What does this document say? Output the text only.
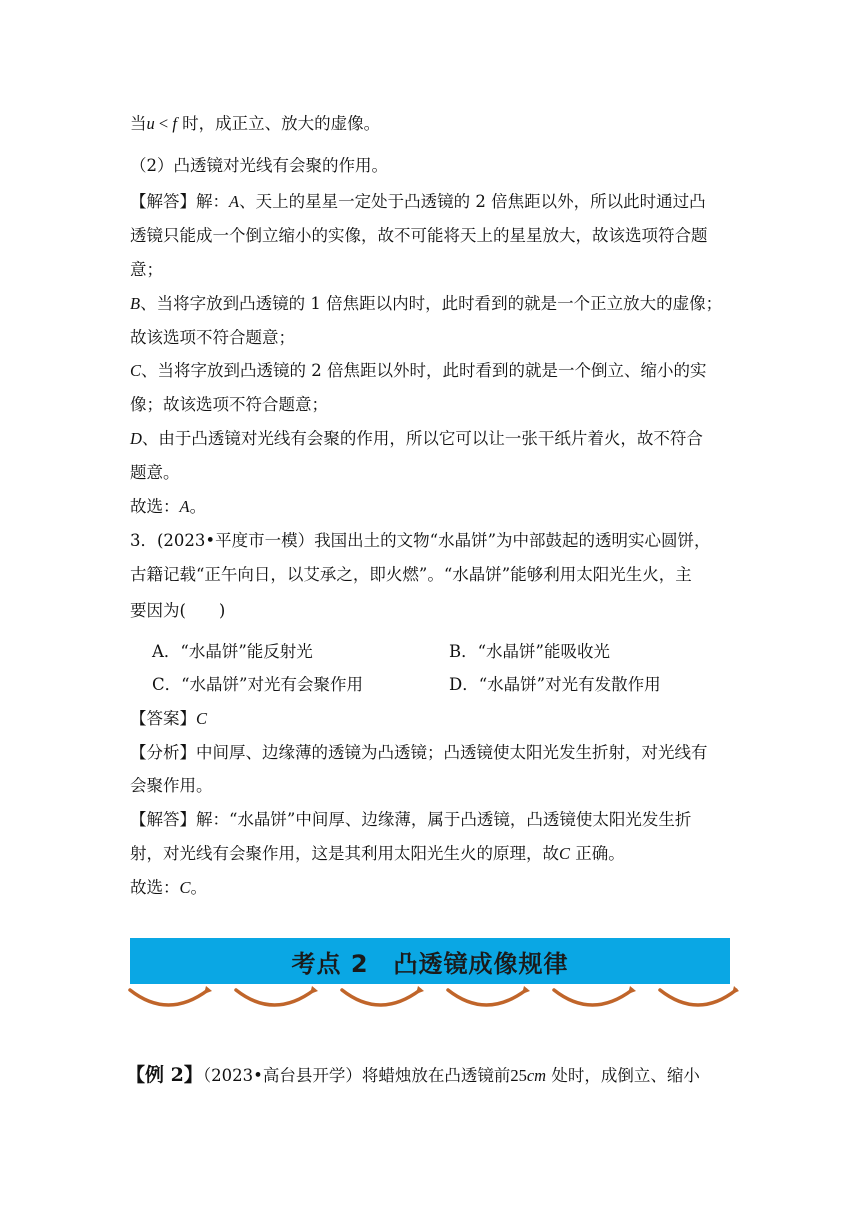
当u < f 时，成正立、放大的虚像。
（2）凸透镜对光线有会聚的作用。
【解答】解：A、天上的星星一定处于凸透镜的 2 倍焦距以外，所以此时通过凸
透镜只能成一个倒立缩小的实像，故不可能将天上的星星放大，故该选项符合题
意；
B、当将字放到凸透镜的 1 倍焦距以内时，此时看到的就是一个正立放大的虚像；
故该选项不符合题意；
C、当将字放到凸透镜的 2 倍焦距以外时，此时看到的就是一个倒立、缩小的实
像；故该选项不符合题意；
D、由于凸透镜对光线有会聚的作用，所以它可以让一张干纸片着火，故不符合
题意。
故选：A。
3．(2023•平度市一模）我国出土的文物“水晶饼”为中部鼓起的透明实心圆饼，
古籍记载“正午向日，以艾承之，即火燃”。“水晶饼”能够利用太阳光生火，主
要因为(　　)
A．“水晶饼”能反射光	B．“水晶饼”能吸收光
C．“水晶饼”对光有会聚作用	D．“水晶饼”对光有发散作用
【答案】C
【分析】中间厚、边缘薄的透镜为凸透镜；凸透镜使太阳光发生折射，对光线有
会聚作用。
【解答】解：“水晶饼”中间厚、边缘薄，属于凸透镜，凸透镜使太阳光发生折
射，对光线有会聚作用，这是其利用太阳光生火的原理，故C 正确。
故选：C。
考点 2　凸透镜成像规律
【例 2】（2023•高台县开学）将蜡烛放在凸透镜前25cm 处时，成倒立、缩小
